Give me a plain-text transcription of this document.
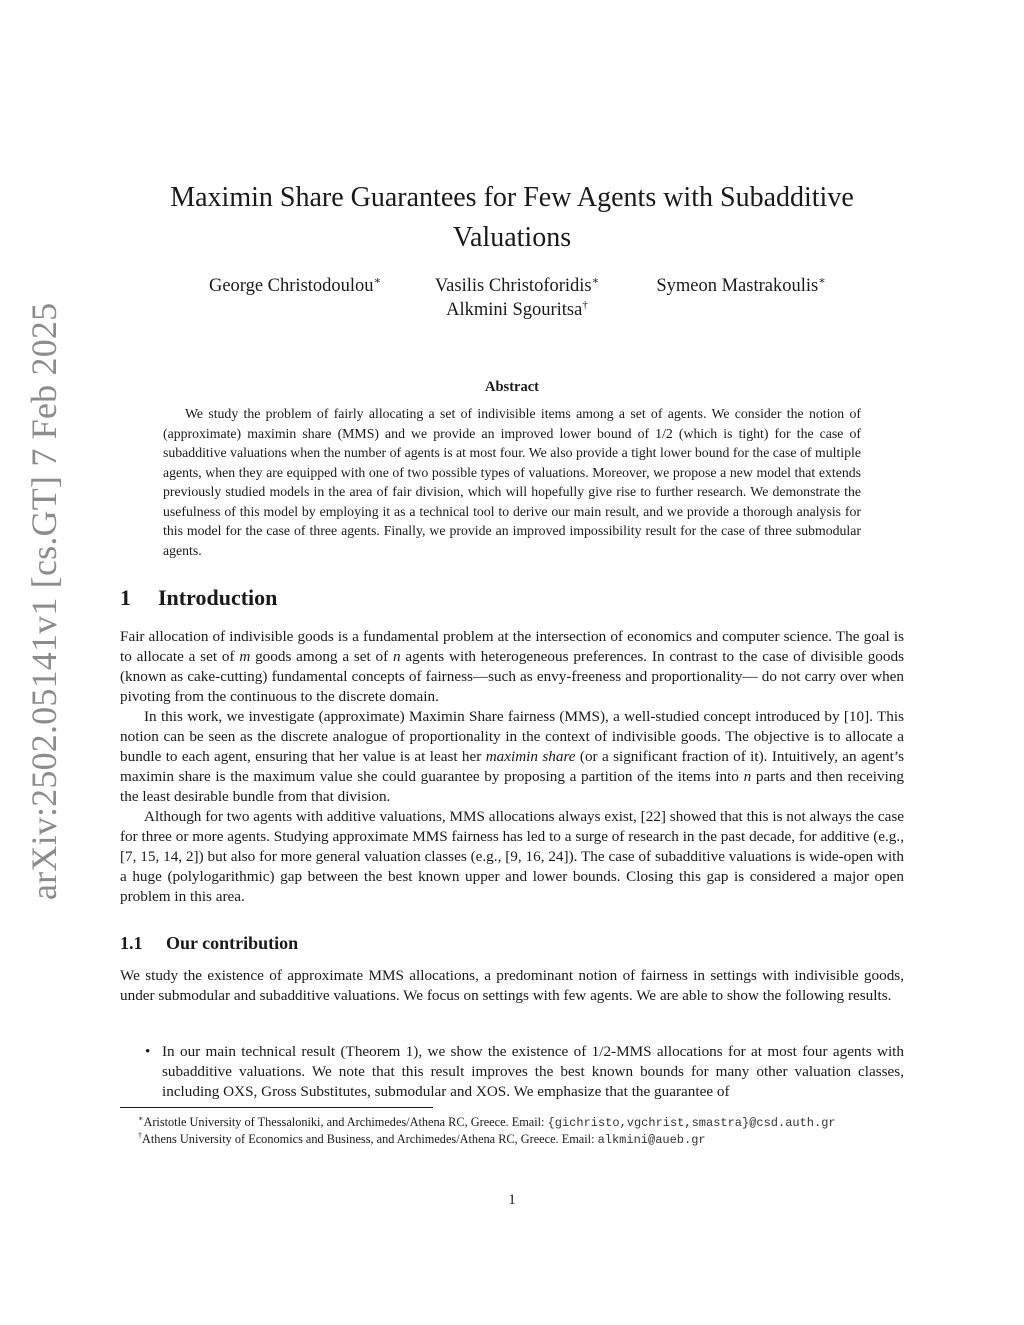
arXiv:2502.05141v1 [cs.GT] 7 Feb 2025
Maximin Share Guarantees for Few Agents with Subadditive Valuations
George Christodoulou∗	Vasilis Christoforidis∗	Symeon Mastrakoulis∗
Alkmini Sgouritsa†
Abstract

We study the problem of fairly allocating a set of indivisible items among a set of agents. We consider the notion of (approximate) maximin share (MMS) and we provide an improved lower bound of 1/2 (which is tight) for the case of subadditive valuations when the number of agents is at most four. We also provide a tight lower bound for the case of multiple agents, when they are equipped with one of two possible types of valuations. Moreover, we propose a new model that extends previously studied models in the area of fair division, which will hopefully give rise to further research. We demonstrate the usefulness of this model by employing it as a technical tool to derive our main result, and we provide a thorough analysis for this model for the case of three agents. Finally, we provide an improved impossibility result for the case of three submodular agents.

1 Introduction

Fair allocation of indivisible goods is a fundamental problem at the intersection of economics and computer science. The goal is to allocate a set of m goods among a set of n agents with heterogeneous preferences. In contrast to the case of divisible goods (known as cake-cutting) fundamental concepts of fairness—such as envy-freeness and proportionality— do not carry over when pivoting from the continuous to the discrete domain.

In this work, we investigate (approximate) Maximin Share fairness (MMS), a well-studied concept introduced by [10]. This notion can be seen as the discrete analogue of proportionality in the context of indivisible goods. The objective is to allocate a bundle to each agent, ensuring that her value is at least her maximin share (or a significant fraction of it). Intuitively, an agent’s maximin share is the maximum value she could guarantee by proposing a partition of the items into n parts and then receiving the least desirable bundle from that division.

Although for two agents with additive valuations, MMS allocations always exist, [22] showed that this is not always the case for three or more agents. Studying approximate MMS fairness has led to a surge of research in the past decade, for additive (e.g., [7, 15, 14, 2]) but also for more general valuation classes (e.g., [9, 16, 24]). The case of subadditive valuations is wide-open with a huge (polylogarithmic) gap between the best known upper and lower bounds. Closing this gap is considered a major open problem in this area.

1.1 Our contribution

We study the existence of approximate MMS allocations, a predominant notion of fairness in settings with indivisible goods, under submodular and subadditive valuations. We focus on settings with few agents. We are able to show the following results.

• In our main technical result (Theorem 1), we show the existence of 1/2-MMS allocations for at most four agents with subadditive valuations. We note that this result improves the best known bounds for many other valuation classes, including OXS, Gross Substitutes, submodular and XOS. We emphasize that the guarantee of
∗Aristotle University of Thessaloniki, and Archimedes/Athena RC, Greece. Email: {gichristo,vgchrist,smastra}@csd.auth.gr
†Athens University of Economics and Business, and Archimedes/Athena RC, Greece. Email: alkmini@aueb.gr
1
